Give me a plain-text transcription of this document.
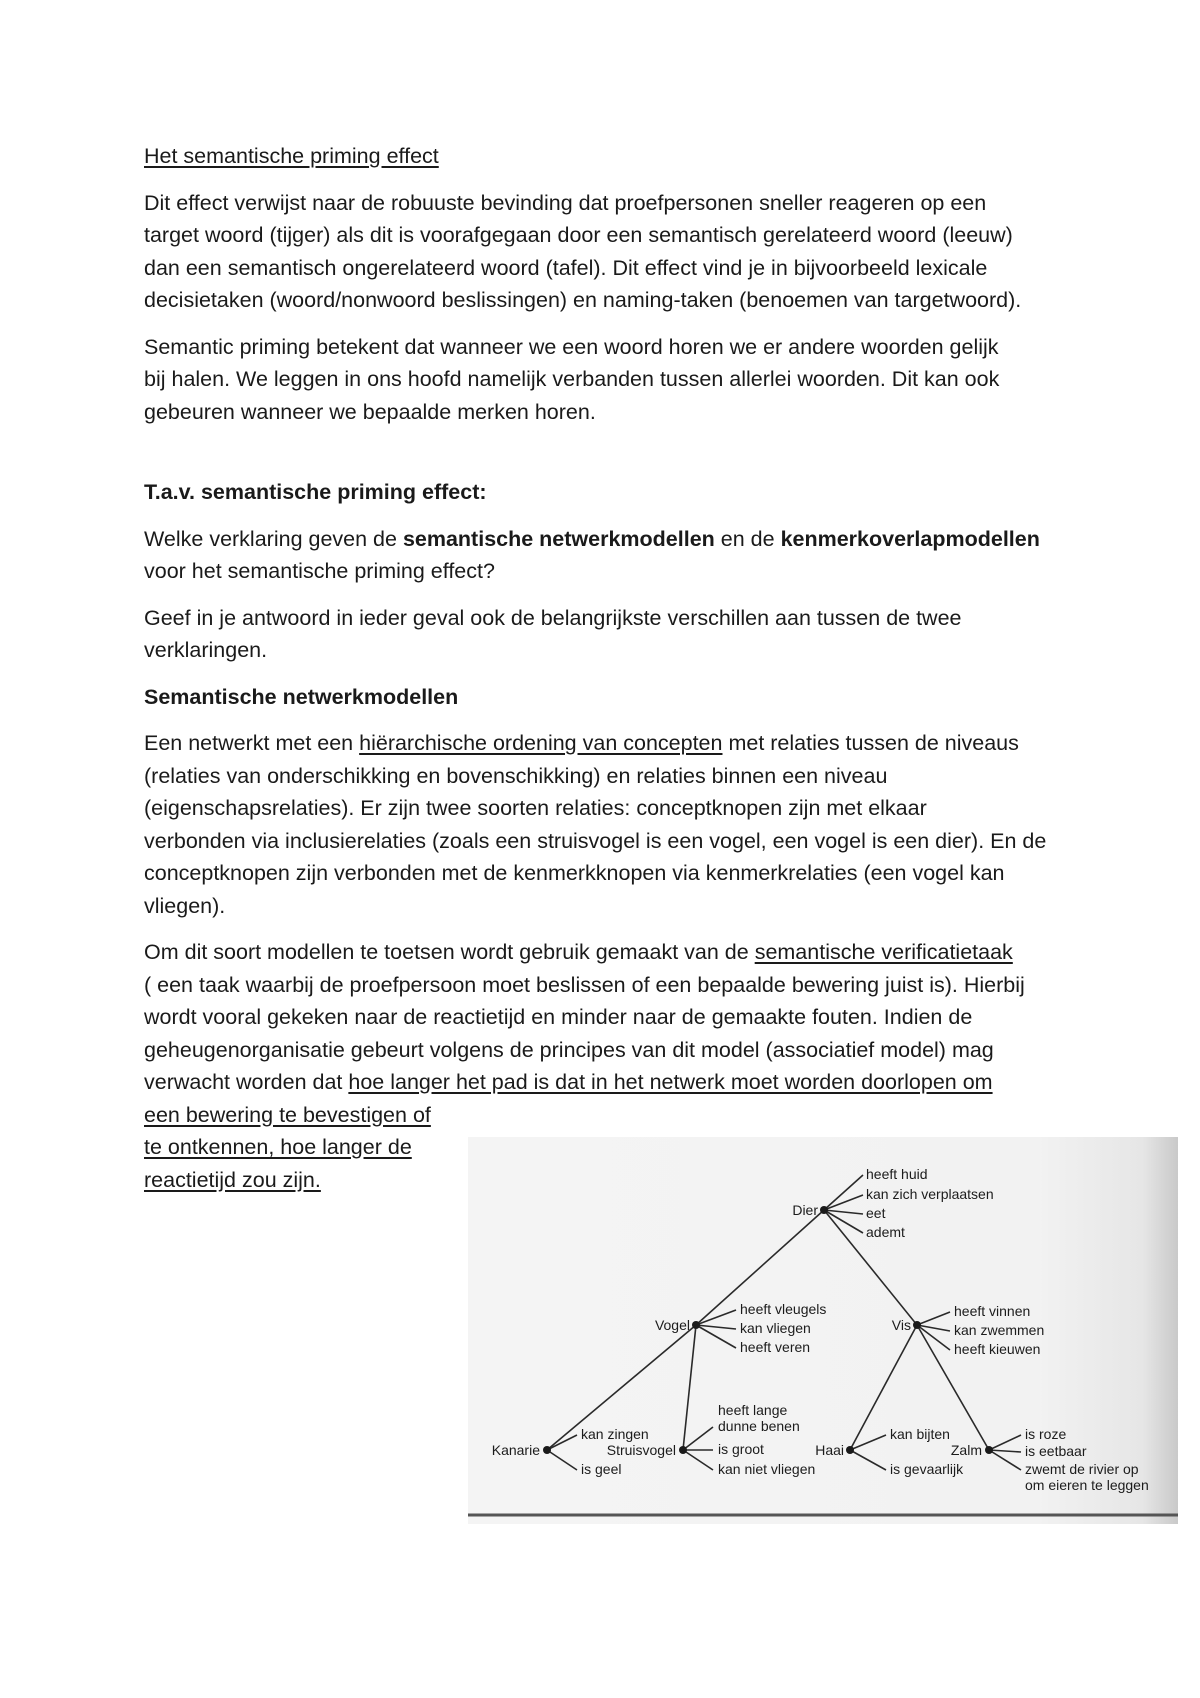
Het semantische priming effect
Dit effect verwijst naar de robuuste bevinding dat proefpersonen sneller reageren op een
target woord (tijger) als dit is voorafgegaan door een semantisch gerelateerd woord (leeuw)
dan een semantisch ongerelateerd woord (tafel). Dit effect vind je in bijvoorbeeld lexicale
decisietaken (woord/nonwoord beslissingen) en naming-taken (benoemen van targetwoord).
Semantic priming betekent dat wanneer we een woord horen we er andere woorden gelijk
bij halen. We leggen in ons hoofd namelijk verbanden tussen allerlei woorden. Dit kan ook
gebeuren wanneer we bepaalde merken horen.
T.a.v. semantische priming effect:
Welke verklaring geven de semantische netwerkmodellen en de kenmerkoverlapmodellen
voor het semantische priming effect?
Geef in je antwoord in ieder geval ook de belangrijkste verschillen aan tussen de twee
verklaringen.
Semantische netwerkmodellen
Een netwerkt met een hiërarchische ordening van concepten met relaties tussen de niveaus
(relaties van onderschikking en bovenschikking) en relaties binnen een niveau
(eigenschapsrelaties). Er zijn twee soorten relaties: conceptknopen zijn met elkaar
verbonden via inclusierelaties (zoals een struisvogel is een vogel, een vogel is een dier). En de
conceptknopen zijn verbonden met de kenmerkknopen via kenmerkrelaties (een vogel kan
vliegen).
Om dit soort modellen te toetsen wordt gebruik gemaakt van de semantische verificatietaak
( een taak waarbij de proefpersoon moet beslissen of een bepaalde bewering juist is). Hierbij
wordt vooral gekeken naar de reactietijd en minder naar de gemaakte fouten. Indien de
geheugenorganisatie gebeurt volgens de principes van dit model (associatief model) mag
verwacht worden dat hoe langer het pad is dat in het netwerk moet worden doorlopen om
een bewering te bevestigen of
te ontkennen, hoe langer de
reactietijd zou zijn.
Dier
Vogel	Vis
Kanarie	Struisvogel	Haai	Zalm
heeft huid
kan zich verplaatsen
eet
ademt
heeft vleugels
kan vliegen
heeft veren
heeft vinnen
kan zwemmen
heeft kieuwen
kan zingen
is geel
heeft lange
dunne benen
is groot
kan niet vliegen
kan bijten
is gevaarlijk
is roze
is eetbaar
zwemt de rivier op
om eieren te leggen
